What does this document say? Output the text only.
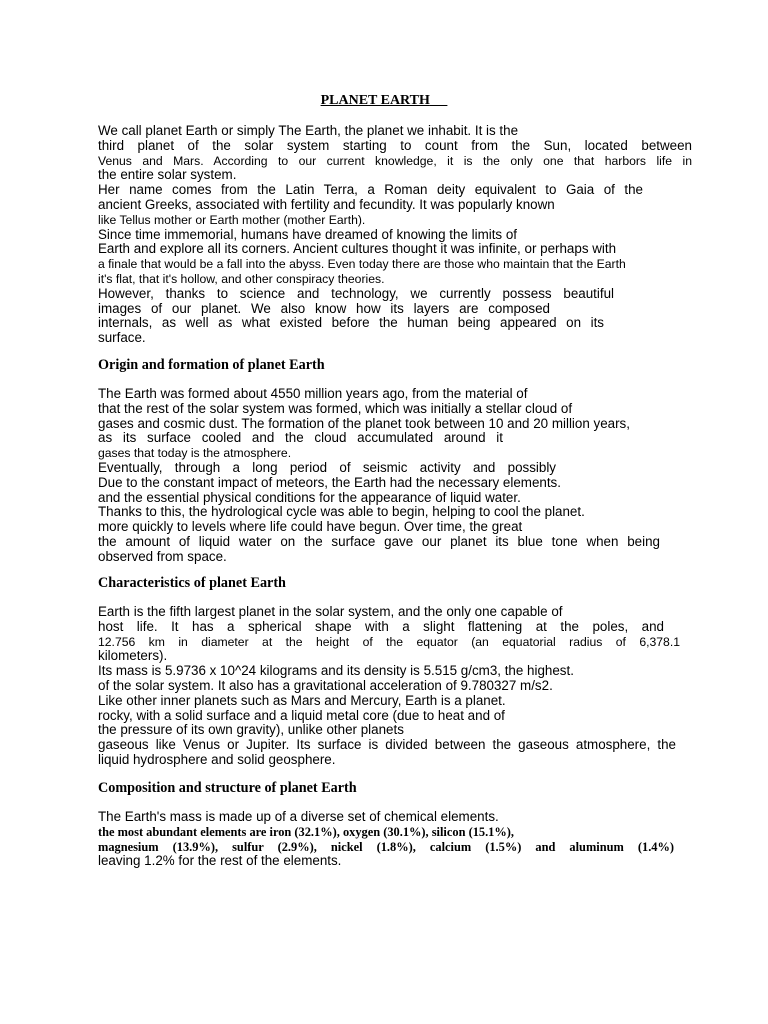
PLANET EARTH
We call planet Earth or simply The Earth, the planet we inhabit. It is the
third planet of the solar system starting to count from the Sun, located between
Venus and Mars. According to our current knowledge, it is the only one that harbors life in
the entire solar system.
Her name comes from the Latin Terra, a Roman deity equivalent to Gaia of the
ancient Greeks, associated with fertility and fecundity. It was popularly known
like Tellus mother or Earth mother (mother Earth).
Since time immemorial, humans have dreamed of knowing the limits of
Earth and explore all its corners. Ancient cultures thought it was infinite, or perhaps with
a finale that would be a fall into the abyss. Even today there are those who maintain that the Earth
it's flat, that it's hollow, and other conspiracy theories.
However, thanks to science and technology, we currently possess beautiful
images of our planet. We also know how its layers are composed
internals, as well as what existed before the human being appeared on its
surface.
Origin and formation of planet Earth
The Earth was formed about 4550 million years ago, from the material of
that the rest of the solar system was formed, which was initially a stellar cloud of
gases and cosmic dust. The formation of the planet took between 10 and 20 million years,
as its surface cooled and the cloud accumulated around it
gases that today is the atmosphere.
Eventually, through a long period of seismic activity and possibly
Due to the constant impact of meteors, the Earth had the necessary elements.
and the essential physical conditions for the appearance of liquid water.
Thanks to this, the hydrological cycle was able to begin, helping to cool the planet.
more quickly to levels where life could have begun. Over time, the great
the amount of liquid water on the surface gave our planet its blue tone when being
observed from space.
Characteristics of planet Earth
Earth is the fifth largest planet in the solar system, and the only one capable of
host life. It has a spherical shape with a slight flattening at the poles, and
12.756 km in diameter at the height of the equator (an equatorial radius of 6,378.1
kilometers).
Its mass is 5.9736 x 10^24 kilograms and its density is 5.515 g/cm3, the highest.
of the solar system. It also has a gravitational acceleration of 9.780327 m/s2.
Like other inner planets such as Mars and Mercury, Earth is a planet.
rocky, with a solid surface and a liquid metal core (due to heat and of
the pressure of its own gravity), unlike other planets
gaseous like Venus or Jupiter. Its surface is divided between the gaseous atmosphere, the
liquid hydrosphere and solid geosphere.
Composition and structure of planet Earth
The Earth's mass is made up of a diverse set of chemical elements.
the most abundant elements are iron (32.1%), oxygen (30.1%), silicon (15.1%),
magnesium (13.9%), sulfur (2.9%), nickel (1.8%), calcium (1.5%) and aluminum (1.4%)
leaving 1.2% for the rest of the elements.
